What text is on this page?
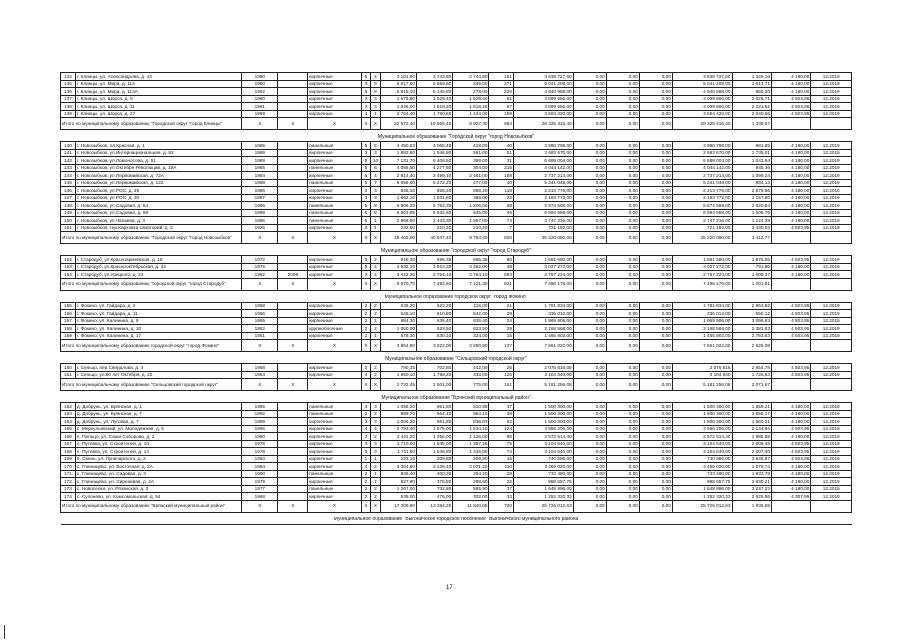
134	г. Клинцы, ул. Александрова, д. 43	1990		кирпичные	5	4	3 101,90	2 743,80	2 743,80	151	3 638 727,60	0,00	0,00	0,00	3 638 727,60	1 326,16	4 180,00	12.2019
135	г. Клинцы, ул. Мира, д. 113	1960		кирпичные	3	9	6 617,50	5 659,50	346,00	271	6 041 208,00	0,00	0,00	0,00	5 041 208,00	1 013,71	4 180,00	12.2019
136	г. Клинцы, ул. Мира, д. 113А	1962		кирпичные	5	8	5 815,10	5 145,80	278,00	226	4 940 988,00	0,00	0,00	0,00	4 940 988,00	960,20	4 180,00	12.2019
137	г. Клинцы, ул. Шорса, д. 9	1980		кирпичные	3	3	1 675,80	1 529,40	1 529,40	81	3 099 666,00	0,00	0,00	0,00	3 099 666,00	2 026,71	4 503,95	12.2019
138	г. Клинцы, ул. Шорса, д. 11	1961		кирпичные	3	3	1 646,00	1 518,20	1 518,20	67	3 099 666,00	0,00	0,00	0,00	3 099 666,00	2 221,62	4 503,95	12.2019
139	г. Клинцы, ул. Шорса, д. 27	1969		кирпичные	4	1	2 764,40	1 790,60	1 134,00	159	3 604 420,00	0,00	0,00	0,00	3 654 420,00	2 040,66	4 503,95	12.2019
Итого по муниципальному образованию "Городской округ "город Клинцы"		X	X	X	X	X	22 672,40	19 665,40	8 927,30	994	28 325 416,40	0,00	0,00	0,00	28 325 416,40	1 338,57		

Муниципальное образование "Городской округ "город Новозыбков"																		
140	г. Новозыбков, пл.Красная, д. 1	1985		панельные	5	6	4 490,63	4 065,48	418,00	40	3 990 798,00	0,00	0,00	0,00	3 990 798,00	981,85	4 180,00	12.2019
141	г. Новозыбков, ул.Интернациональная, д. 92	1989		кирпичные	3	3	1 882,60	1 546,80	561,00	51	2 683 670,00	0,00	0,00	0,00	2 683 670,00	1 735,01	4 180,00	12.2019
142	г. Новозыбков, ул.Ломоносова, д. 51	1989		кирпичные	5	10	7 131,70	6 406,50	369,00	31	6 688 004,00	0,00	0,00	0,00	6 688 004,00	1 043,94	4 180,00	12.2019
143	г. Новозыбков, ул.Октября Революции, д. 19А	1985		панельные	5	6	4 066,50	4 277,80	304,00	215	4 044 142,00	0,00	0,00	0,00	4 044 142,00	945,36	4 180,00	12.2019
144	г. Новозыбков, ул.Первомайская, д. 72А	1984		кирпичные	5	4	2 914,40	2 499,10	2 461,00	158	2 737 214,00	0,00	0,00	0,00	2 737 214,00	1 099,24	4 180,00	12.2019
145	г. Новозыбков, ул.Первомайская, д. 122	1988		панельные	5	7	6 658,60	5 272,20	477,00	40	5 241 048,00	0,00	0,00	0,00	5 241 048,00	994,13	4 180,00	12.2019
146	г. Новозыбков, ул.РОС, д. 29	1986		кирпичные	2	3	946,10	858,20	858,20	118	2 213 776,00	0,00	0,00	0,00	2 213 776,00	2 579,56	4 180,00	12.2016
147	г. Новозыбков, ул.РОС, д. 30	1987		кирпичные	3	3	1 862,10	1 831,80	388,00	22	2 193 772,00	0,00	0,00	0,00	2 193 772,00	1 157,60	4 180,00	12.2019
148	г. Новозыбков, ул.Садовая, д. 54	1986		панельные	5	8	6 505,20	5 754,30	1 206,00	98	5 874 568,00	0,00	0,00	0,00	5 874 568,00	1 020,84	4 180,00	12.2019
149	г. Новозыбков, ул.Садовая, д. 58	1989		панельные	5	8	6 503,85	5 532,60	645,00	45	6 594 558,00	0,00	0,00	0,00	6 594 558,00	1 006,76	4 180,00	12.2019
150	г. Новозыбков, ул.Чапаева, д. 3	1986		панельные	5	1	2 968,50	2 443,30	1 587,00	74	2 747 216,00	0,00	0,00	0,00	2 747 216,00	1 124,39	4 180,00	12.2019
151	г. Новозыбков, тер.Карховка санаторий, д. 2	1926		кирпичные	2	1	232,50	210,20	210,20	7	721 182,00	0,00	0,00	0,00	721 182,00	3 430,93	4 503,95	12.2019
Итого по муниципальному образованию "Городской округ "город Новозыбков"		X	X	X	X	X	45 465,00	40 637,40	9 753,40	820	45 220 080,00	0,00	0,00	0,00	45 220 080,00	1 112,77		

Муниципальное образование "городской округ "город Стародуб"																		
152	г. Стародуб, ул.Красноармейская, д. 18	1972		кирпичные	3	2	916,30	695,35	695,35	80	1 681 680,00	0,00	0,00	0,00	1 681 680,00	1 876,55	4 503,95	12.2019
153	г. Стародуб, ул.Краснооктябрьская, д. 42	1975		кирпичные	5	4	4 532,10	3 823,30	3 462,00	48	3 027 272,00	0,00	0,00	0,00	3 027 272,00	791,80	4 180,00	12.2019
154	г. Стародуб, ул.Урицкого, д. 23	1982	2008	кирпичные	3	4	3 422,30	2 764,10	2 764,10	693	2 787 224,00	0,00	0,00	0,00	2 787 224,00	1 008,37	4 180,00	12.2019
Итого по муниципальному образованию "городской округ "город Стародуб"		X	X	X	X	X	8 870,70	7 482,60	7 121,30	821	7 496 176,00	0,00	0,00	0,00	7 496 176,00	1 001,81		

Муниципальное образование городской округ "город Фокино"																		
155	г. Фокино, ул. Гайдара, д. 2	1958		кирпичные	2	2	636,20	622,20	116,00	21	1 781 834,00	0,00	0,00	0,00	1 781 834,00	2 863,82	4 503,95	12.2019
156	г. Фокино, ул. Гайдара, д. 11	1956		кирпичные	2	2	646,10	610,80	542,00	29	336 012,00	0,00	0,00	0,00	336 012,00	550,12	4 503,95	12.2019
157	г. Фокино, ул. Калинина, д. 9	1955		кирпичные	2	1	984,30	635,40	635,40	24	1 969 906,00	0,00	0,00	0,00	1 969 906,00	3 099,63	4 503,95	12.2019
158	г. Фокино, ул. Калинина, д. 10	1952		крупноблочные	2	2	1 060,00	623,50	623,50	29	2 168 568,00	0,00	0,00	0,00	2 168 568,00	2 381,83	4 503,95	12.2019
159	г. Фокино, ул. Калинина, д. 17	1951		кирпичные	2	1	578,30	530,10	324,00	15	1 465 902,00	0,00	0,00	0,00	1 465 902,00	2 763,63	4 503,95	12.2019
Итого по муниципальному образованию городской округ "город Фокино"		X	X	X	X	X	3 854,90	3 022,00	2 280,90	137	7 661 022,00	0,00	0,00	0,00	7 661 022,00	2 525,08		

Муниципальное образование "Сельцовский городской округ"																		
160	г. Сельцо, пер.Свердлова, д. 3	1958		кирпичные	2	2	780,35	702,80	442,00	26	2 076 616,08	0,00	0,00	0,00	2 076 616	2 954,78	4 503,95	12.2019
161	г. Сельцо, ул.60 лет Октября, д. 20	1963		кирпичные	4	2	1 950,10	1 798,20	333,00	125	3 104 640,00	0,00	0,00	0,00	3 104 640	1 726,53	4 503,95	12.2019
Итого по муниципальному образованию "Сельцовский городской округ"		X	X	X	X	X	2 732,45	2 501,00	775,00	151	5 181 256,08	0,00	0,00	0,00	5 181 256,08	2 071,67		

Муниципальное образование "Брянский муниципальный район"																		
162	д. Добрунь, ул. Брянская, д. 1	1985		панельные	3	3	1 058,20	961,80	810,98	37	1 500 300,00	0,00	0,00	0,00	1 500 300,00	1 559,21	4 180,00	12.2019
163	д. Добрунь, ул. Брянская, д. 7	1992		панельные	2	2	989,70	964,10	964,10	38	1 500 300,00	0,00	0,00	0,00	1 500 300,00	1 556,17	4 180,00	12.2019
164	д. Добрунь, ул. Луговая, д. 7	1989		кирпичные	3	3	1 056,20	961,80	836,03	52	1 500 300,00	0,00	0,00	0,00	1 500 300,00	1 560,21	4 180,00	12.2019
165	с. Меркульевский, ул. Молодежная, д. 5	1966		кирпичные	4	4	2 793,40	1 575,00	1 534,10	124	3 566 206,00	0,00	0,00	0,00	3 566 206,00	2 144,94	4 503,95	12.2019
166	п. Пальцо, ул. Саши Соборова, д. 2	1980		кирпичные	2	2	1 441,20	1 256,00	1 126,00	86	2 572 514,40	0,00	0,00	0,00	2 572 514,40	1 985,58	4 180,00	12.2019
167	п. Путевка, ул. Строителей, д. 10	1978		кирпичные	3	3	1 710,00	1 545,00	1 357,26	75	3 104 640,00	0,00	0,00	0,00	3 104 640,00	2 009,48	4 503,95	12.2019
168	п. Путевка, ул. Строителей, д. 13	1978		кирпичные	3	3	1 711,60	1 548,80	1 345,00	74	3 104 640,00	0,00	0,00	0,00	3 104 640,00	2 007,40	4 503,95	12.2019
169	п. Свень, ул. Луначарского, д. 2	1953		кирпичные	1	1	223,10	209,80	209,80	15	740 586,00	0,00	0,00	0,00	740 586,00	3 546,87	4 503,95	12.2019
170	с. Глинищево, ул. Восточная, д. 2А	1994		кирпичные	4	2	3 394,60	2 138,40	2 071,20	110	3 469 020,00	0,00	0,00	0,00	3 469 020,00	1 576,74	4 180,00	12.2019
171	с. Глинищево, ул. Садовая, д. 3	1990		панельные	2	1	836,40	400,26	294,20	28	733 480,00	0,00	0,00	0,00	733 480,00	1 832,78	4 180,00	12.2019
172	с. Глинищево, ул. Сиреневая, д. 2А	1979		кирпичные	2	1	527,90	375,80	288,60	22	988 657,75	0,00	0,00	0,00	988 657,75	2 630,21	4 180,00	12.2019
173	с. Новоселки, ул. Рязанская, д. 2	1977		панельные	2	2	1 267,00	732,80	585,90	37	1 648 996,00	0,00	0,00	0,00	1 648 996,00	2 247,23	4 180,00	12.2019
174	с. Супонево, ул. Комсомольская, д. 54	1968		кирпичные	2	2	538,00	476,00	302,00	33	1 252 320,33	0,00	0,00	0,00	1 252 320,33	2 625,96	4 307,95	12.2019
Итого по муниципальному образованию "Брянский муниципальный район"		X	X	X	X	X	17 309,90	13 284,20	11 840,05	720	25 726 012,63	0,00	0,00	0,00	25 726 012,63	1 936,59		

Муниципальное образование "Выгоничское городское поселение" Выгоничского муниципального района																		
17
